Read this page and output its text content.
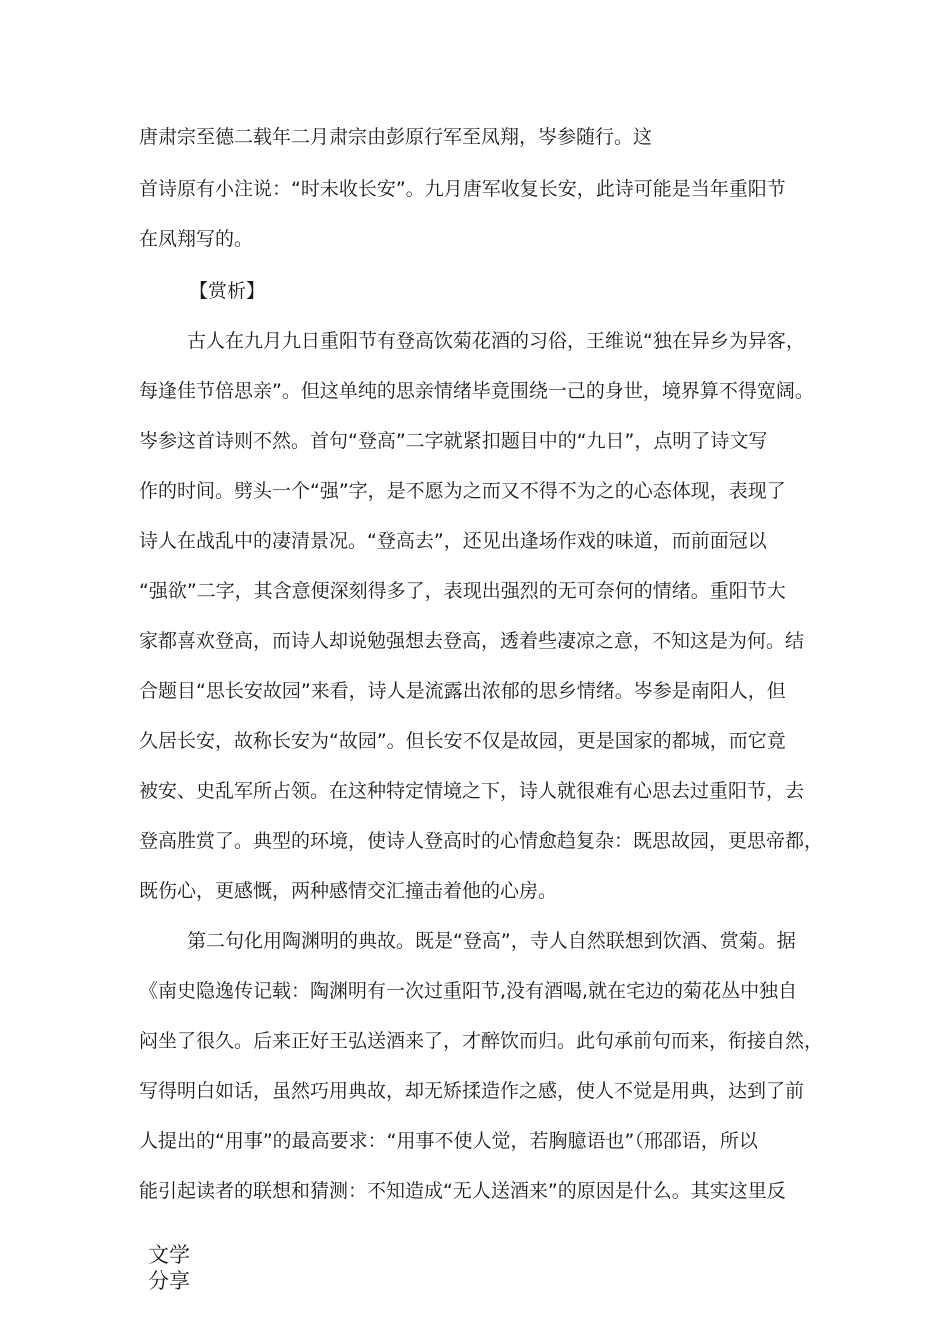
唐肃宗至德二载年二月肃宗由彭原行军至凤翔，岑参随行。这
首诗原有小注说：“时未收长安”。九月唐军收复长安，此诗可能是当年重阳节
在凤翔写的。
【赏析】
古人在九月九日重阳节有登高饮菊花酒的习俗，王维说“独在异乡为异客，
每逢佳节倍思亲”。但这单纯的思亲情绪毕竟围绕一己的身世，境界算不得宽阔。
岑参这首诗则不然。首句“登高”二字就紧扣题目中的“九日”，点明了诗文写
作的时间。劈头一个“强”字，是不愿为之而又不得不为之的心态体现，表现了
诗人在战乱中的凄清景况。“登高去”，还见出逢场作戏的味道，而前面冠以
“强欲”二字，其含意便深刻得多了，表现出强烈的无可奈何的情绪。重阳节大
家都喜欢登高，而诗人却说勉强想去登高，透着些凄凉之意，不知这是为何。结
合题目“思长安故园”来看，诗人是流露出浓郁的思乡情绪。岑参是南阳人，但
久居长安，故称长安为“故园”。但长安不仅是故园，更是国家的都城，而它竟
被安、史乱军所占领。在这种特定情境之下，诗人就很难有心思去过重阳节，去
登高胜赏了。典型的环境，使诗人登高时的心情愈趋复杂：既思故园，更思帝都，
既伤心，更感慨，两种感情交汇撞击着他的心房。
第二句化用陶渊明的典故。既是“登高”，寺人自然联想到饮酒、赏菊。据
《南史隐逸传记载：陶渊明有一次过重阳节,没有酒喝,就在宅边的菊花丛中独自
闷坐了很久。后来正好王弘送酒来了，才醉饮而归。此句承前句而来，衔接自然，
写得明白如话，虽然巧用典故，却无矫揉造作之感，使人不觉是用典，达到了前
人提出的“用事”的最高要求：“用事不使人觉，若胸臆语也”（邢邵语，所以
能引起读者的联想和猜测：不知造成“无人送酒来”的原因是什么。其实这里反
文学
分享
